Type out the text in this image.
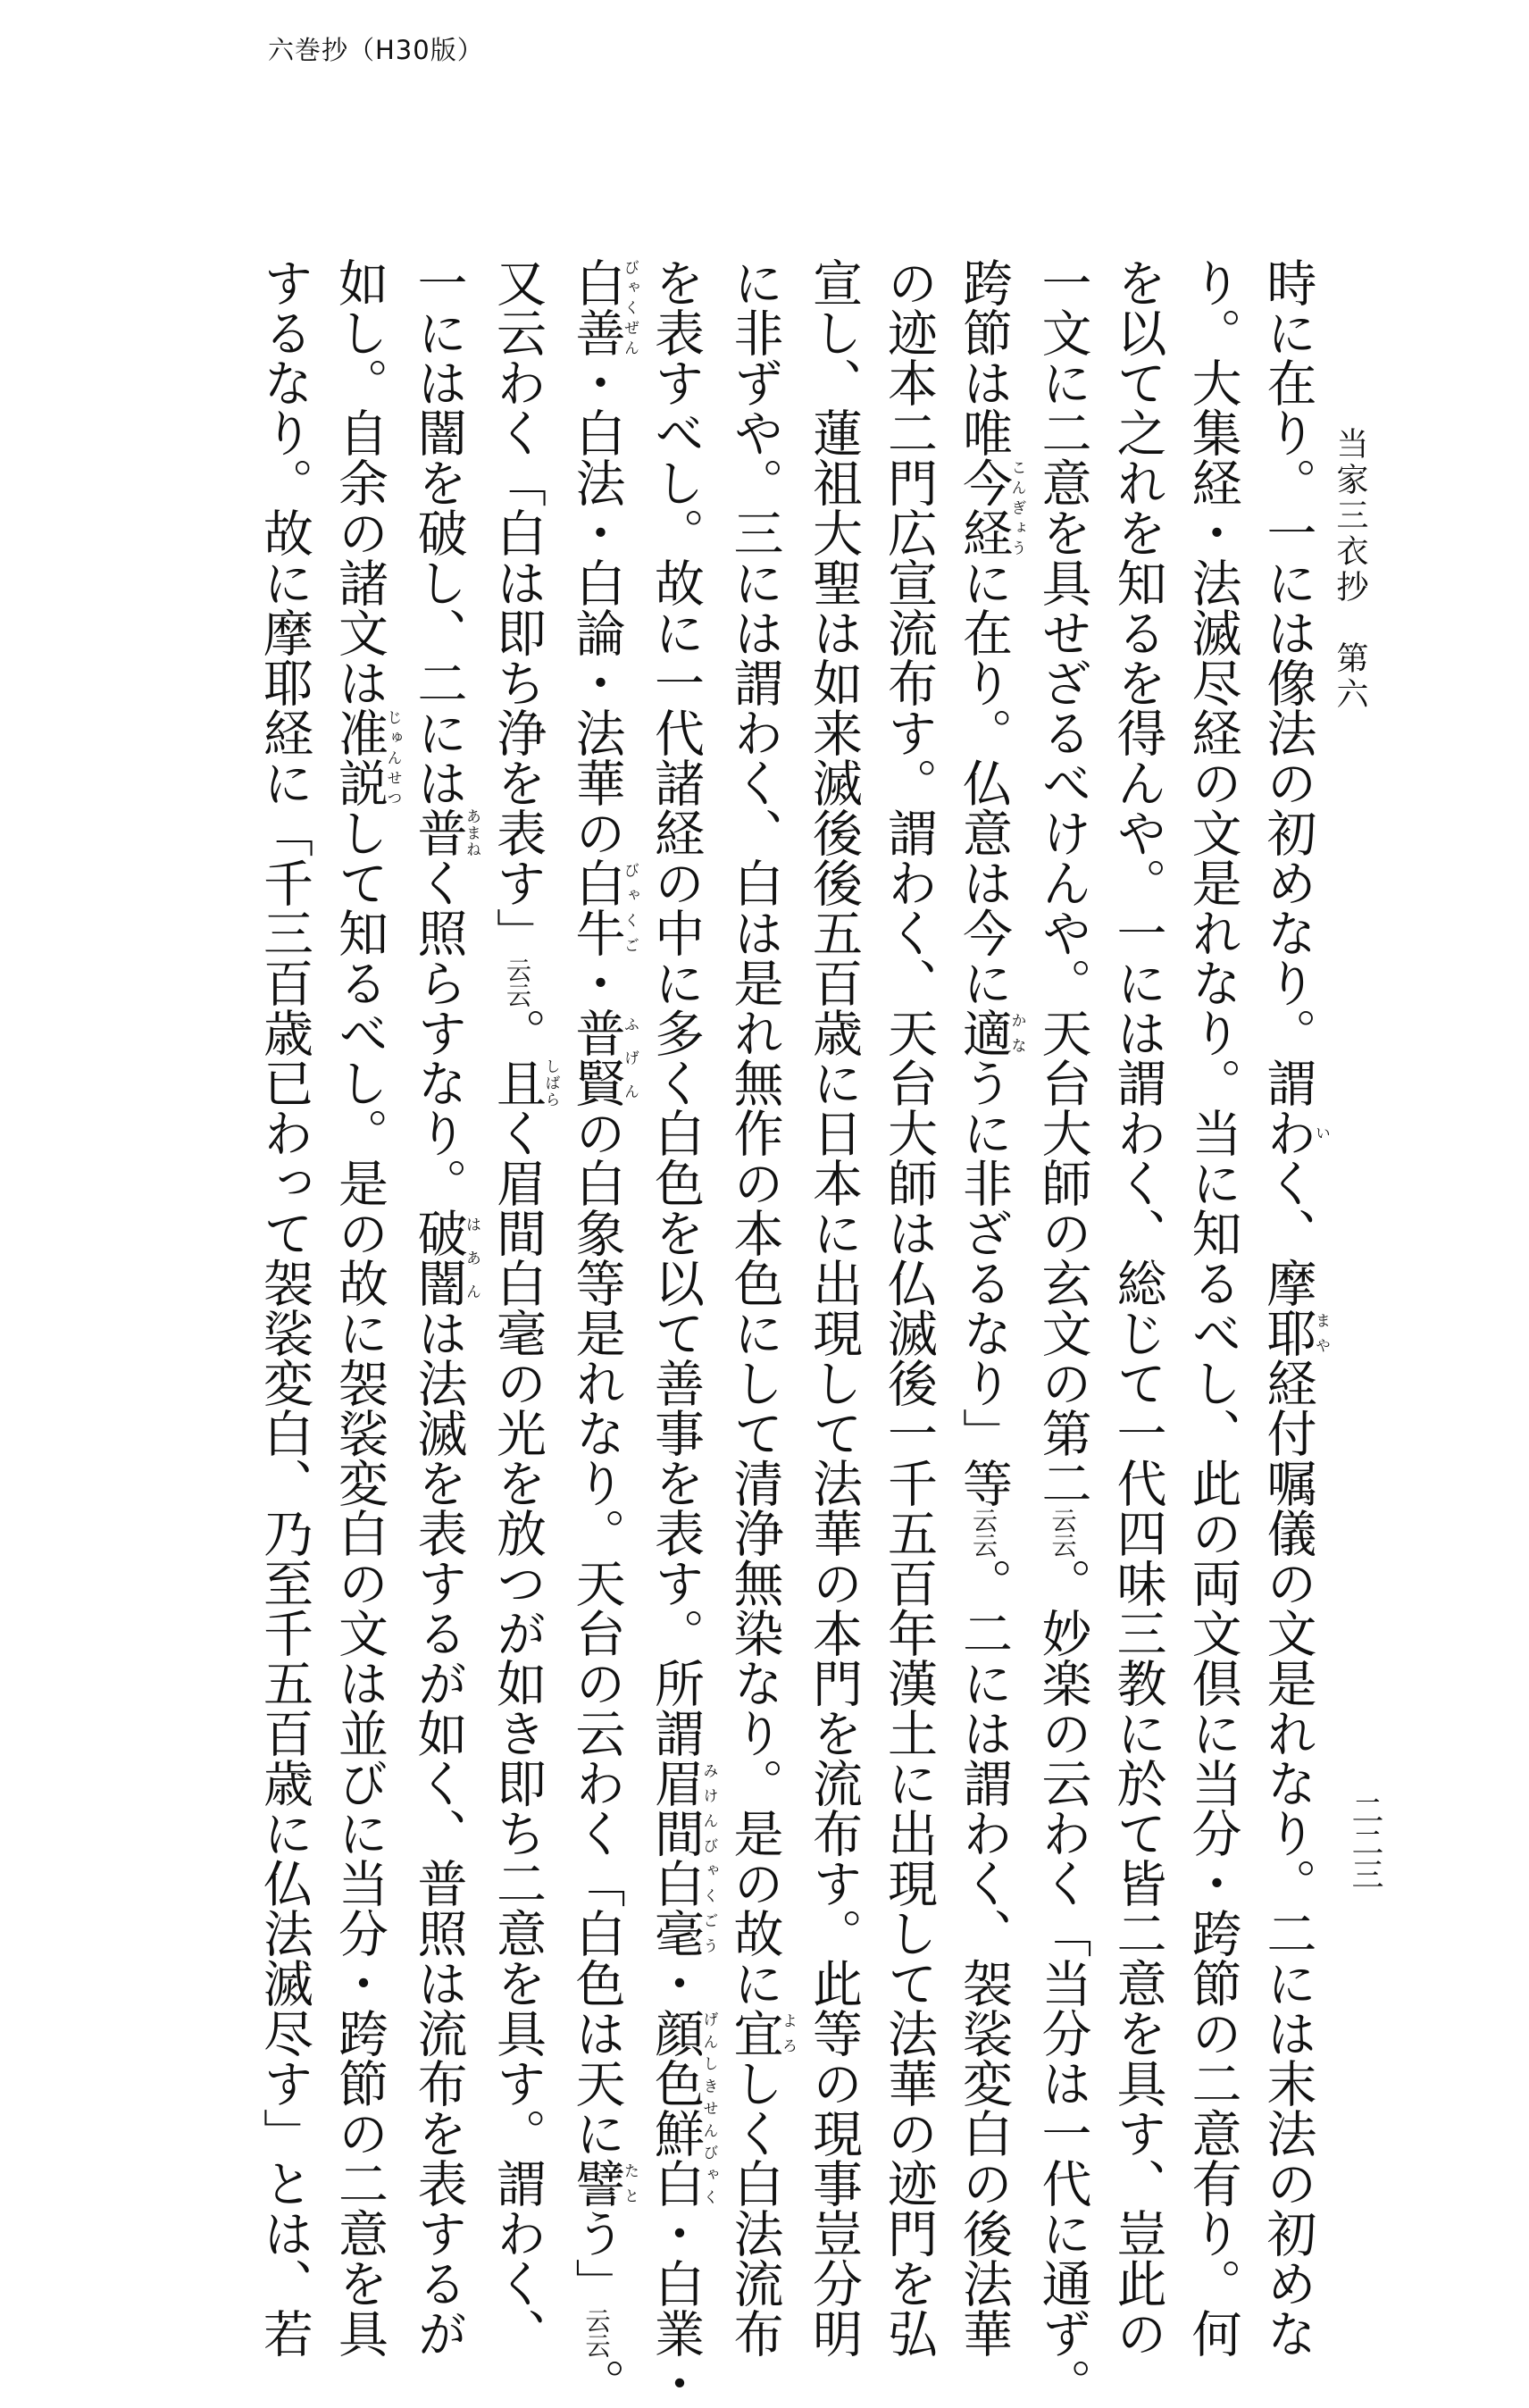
六巻抄（H30版）
当家三衣抄　第六
二二三
時に在り。一には像法の初めなり。謂わいく、摩耶まや経付嘱儀の文是れなり。二には末法の初めな
り。大集経・法滅尽経の文是れなり。当に知るべし、此の両文倶に当分・跨節の二意有り。何
を以て之れを知るを得んや。一には謂わく、総じて一代四味三教に於て皆二意を具す、豈此の
一文に二意を具せざるべけんや。天台大師の玄文の第二云云。妙楽の云わく「当分は一代に通ず。
跨節は唯今経こんぎょうに在り。仏意は今に適かなうに非ざるなり」等云云。二には謂わく、袈裟変白の後法華
の迹本二門広宣流布す。謂わく、天台大師は仏滅後一千五百年漢土に出現して法華の迹門を弘
宣し、蓮祖大聖は如来滅後後五百歳に日本に出現して法華の本門を流布す。此等の現事豈分明
に非ずや。三には謂わく、白は是れ無作の本色にして清浄無染なり。是の故に宜よろしく白法流布
を表すべし。故に一代諸経の中に多く白色を以て善事を表す。所謂眉間白毫みけんびゃくごう・顔色鮮白げんしきせんびゃく・白業・
白善びゃくぜん・白法・白論・法華の白牛びゃくご・普賢ふげんの白象等是れなり。天台の云わく「白色は天に譬たとう」云云。
又云わく「白は即ち浄を表す」云云。且しばらく眉間白毫の光を放つが如き即ち二意を具す。謂わく、
一には闇を破し、二には普あまねく照らすなり。破闇はあんは法滅を表するが如く、普照は流布を表するが
如し。自余の諸文は准説じゅんせつして知るべし。是の故に袈裟変白の文は並びに当分・跨節の二意を具
するなり。故に摩耶経に「千三百歳已わって袈裟変白、乃至千五百歳に仏法滅尽す」とは、若
